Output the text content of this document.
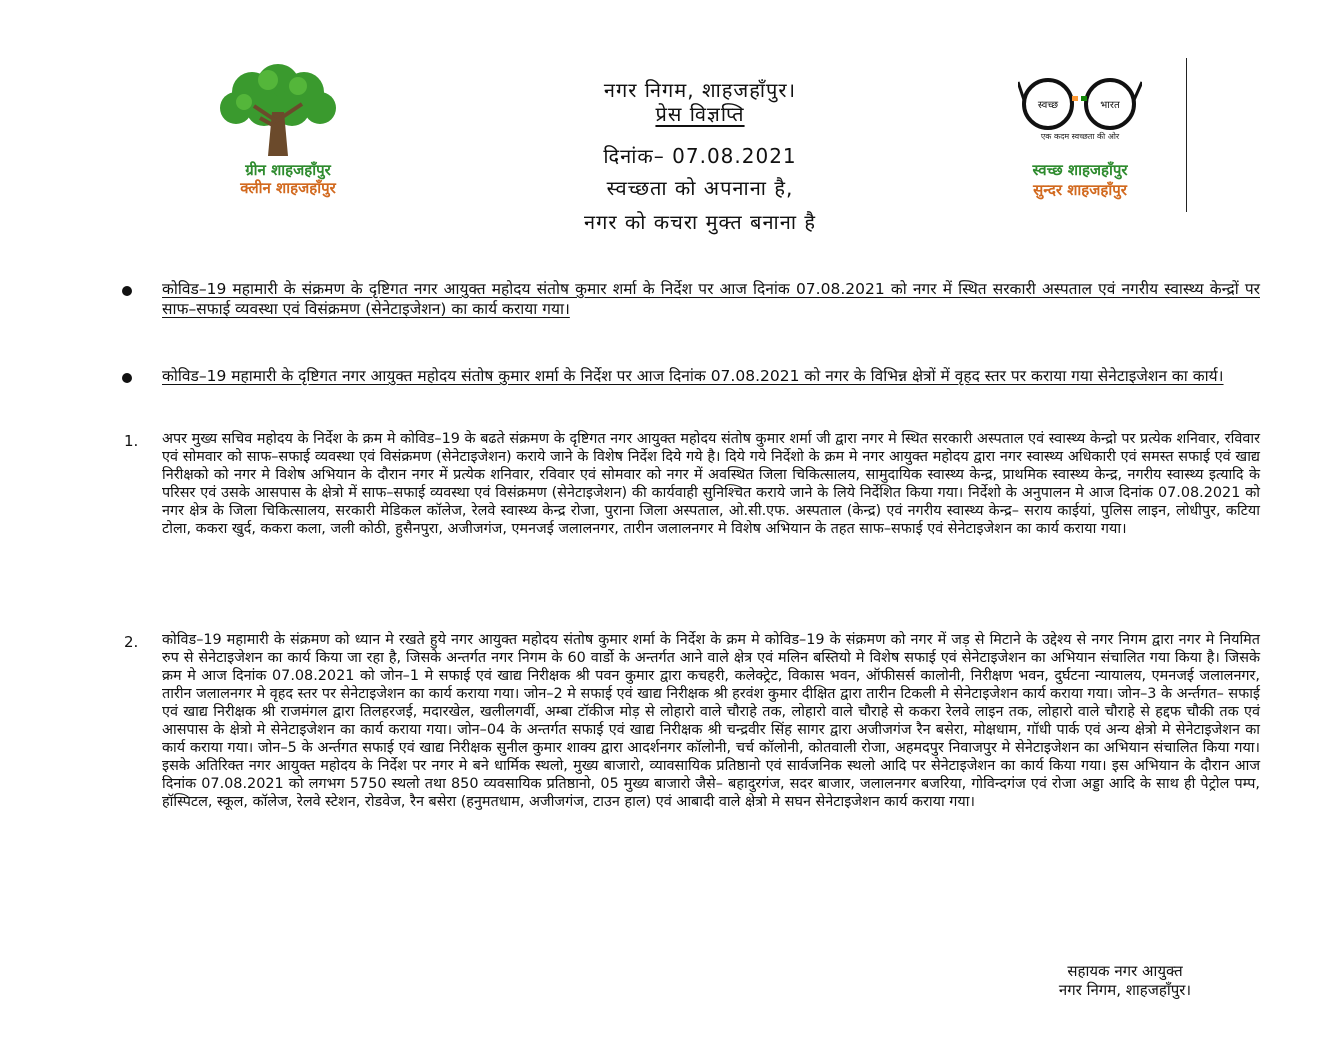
ग्रीन शाहजहाँपुर
क्लीन शाहजहाँपुर
नगर निगम, शाहजहाँपुर।
प्रेस विज्ञप्ति
दिनांक– 07.08.2021
स्वच्छता को अपनाना है,
नगर को कचरा मुक्त बनाना है
स्वच्छ	भारत
एक कदम स्वच्छता की ओर
स्वच्छ शाहजहाँपुर
सुन्दर शाहजहाँपुर
कोविड–19 महामारी के संक्रमण के दृष्टिगत नगर आयुक्त महोदय संतोष कुमार शर्मा के निर्देश पर आज दिनांक 07.08.2021 को नगर में स्थित सरकारी अस्पताल एवं नगरीय स्वास्थ्य केन्द्रों पर साफ–सफाई व्यवस्था एवं विसंक्रमण (सेनेटाइजेशन) का कार्य कराया गया।
कोविड–19 महामारी के दृष्टिगत नगर आयुक्त महोदय संतोष कुमार शर्मा के निर्देश पर आज दिनांक 07.08.2021 को नगर के विभिन्न क्षेत्रों में वृहद स्तर पर कराया गया सेनेटाइजेशन का कार्य।
1. अपर मुख्य सचिव महोदय के निर्देश के क्रम मे कोविड–19 के बढते संक्रमण के दृष्टिगत नगर आयुक्त महोदय संतोष कुमार शर्मा जी द्वारा नगर मे स्थित सरकारी अस्पताल एवं स्वास्थ्य केन्द्रो पर प्रत्येक शनिवार, रविवार एवं सोमवार को साफ–सफाई व्यवस्था एवं विसंक्रमण (सेनेटाइजेशन) कराये जाने के विशेष निर्देश दिये गये है। दिये गये निर्देशो के क्रम मे नगर आयुक्त महोदय द्वारा नगर स्वास्थ्य अधिकारी एवं समस्त सफाई एवं खाद्य निरीक्षको को नगर मे विशेष अभियान के दौरान नगर में प्रत्येक शनिवार, रविवार एवं सोमवार को नगर में अवस्थित जिला चिकित्सालय, सामुदायिक स्वास्थ्य केन्द्र, प्राथमिक स्वास्थ्य केन्द्र, नगरीय स्वास्थ्य इत्यादि के परिसर एवं उसके आसपास के क्षेत्रो में साफ–सफाई व्यवस्था एवं विसंक्रमण (सेनेटाइजेशन) की कार्यवाही सुनिश्चित कराये जाने के लिये निर्देशित किया गया। निर्देशो के अनुपालन मे आज दिनांक 07.08.2021 को नगर क्षेत्र के जिला चिकित्सालय, सरकारी मेडिकल कॉलेज, रेलवे स्वास्थ्य केन्द्र रोजा, पुराना जिला अस्पताल, ओ.सी.एफ. अस्पताल (केन्द्र) एवं नगरीय स्वास्थ्य केन्द्र– सराय काईयां, पुलिस लाइन, लोधीपुर, कटिया टोला, ककरा खुर्द, ककरा कला, जली कोठी, हुसैनपुरा, अजीजगंज, एमनजई जलालनगर, तारीन जलालनगर मे विशेष अभियान के तहत साफ–सफाई एवं सेनेटाइजेशन का कार्य कराया गया।
2. कोविड–19 महामारी के संक्रमण को ध्यान मे रखते हुये नगर आयुक्त महोदय संतोष कुमार शर्मा के निर्देश के क्रम मे कोविड–19 के संक्रमण को नगर में जड़ से मिटाने के उद्देश्य से नगर निगम द्वारा नगर मे नियमित रुप से सेनेटाइजेशन का कार्य किया जा रहा है, जिसके अन्तर्गत नगर निगम के 60 वार्डो के अन्तर्गत आने वाले क्षेत्र एवं मलिन बस्तियो मे विशेष सफाई एवं सेनेटाइजेशन का अभियान संचालित गया किया है। जिसके क्रम मे आज दिनांक 07.08.2021 को जोन–1 मे सफाई एवं खाद्य निरीक्षक श्री पवन कुमार द्वारा कचहरी, कलेक्ट्रेट, विकास भवन, ऑफीसर्स कालोनी, निरीक्षण भवन, दुर्घटना न्यायालय, एमनजई जलालनगर, तारीन जलालनगर मे वृहद स्तर पर सेनेटाइजेशन का कार्य कराया गया। जोन–2 मे सफाई एवं खाद्य निरीक्षक श्री हरवंश कुमार दीक्षित द्वारा तारीन टिकली मे सेनेटाइजेशन कार्य कराया गया। जोन–3 के अर्न्तगत– सफाई एवं खाद्य निरीक्षक श्री राजमंगल द्वारा तिलहरजई, मदारखेल, खलीलगर्वी, अम्बा टॉकीज मोड़ से लोहारो वाले चौराहे तक, लोहारो वाले चौराहे से ककरा रेलवे लाइन तक, लोहारो वाले चौराहे से हद्दफ चौकी तक एवं आसपास के क्षेत्रो मे सेनेटाइजेशन का कार्य कराया गया। जोन–04 के अन्तर्गत सफाई एवं खाद्य निरीक्षक श्री चन्द्रवीर सिंह सागर द्वारा अजीजगंज रैन बसेरा, मोक्षधाम, गॉधी पार्क एवं अन्य क्षेत्रो मे सेनेटाइजेशन का कार्य कराया गया। जोन–5 के अर्न्तगत सफाई एवं खाद्य निरीक्षक सुनील कुमार शाक्य द्वारा आदर्शनगर कॉलोनी, चर्च कॉलोनी, कोतवाली रोजा, अहमदपुर निवाजपुर मे सेनेटाइजेशन का अभियान संचालित किया गया। इसके अतिरिक्त नगर आयुक्त महोदय के निर्देश पर नगर मे बने धार्मिक स्थलो, मुख्य बाजारो, व्यावसायिक प्रतिष्ठानो एवं सार्वजनिक स्थलो आदि पर सेनेटाइजेशन का कार्य किया गया। इस अभियान के दौरान आज दिनांक 07.08.2021 को लगभग 5750 स्थलो तथा 850 व्यवसायिक प्रतिष्ठानो, 05 मुख्य बाजारो जैसे– बहादुरगंज, सदर बाजार, जलालनगर बजरिया, गोविन्दगंज एवं रोजा अड्डा आदि के साथ ही पेट्रोल पम्प, हॉस्पिटल, स्कूल, कॉलेज, रेलवे स्टेशन, रोडवेज, रैन बसेरा (हनुमतधाम, अजीजगंज, टाउन हाल) एवं आबादी वाले क्षेत्रो मे सघन सेनेटाइजेशन कार्य कराया गया।
सहायक नगर आयुक्त
नगर निगम, शाहजहाँपुर।
